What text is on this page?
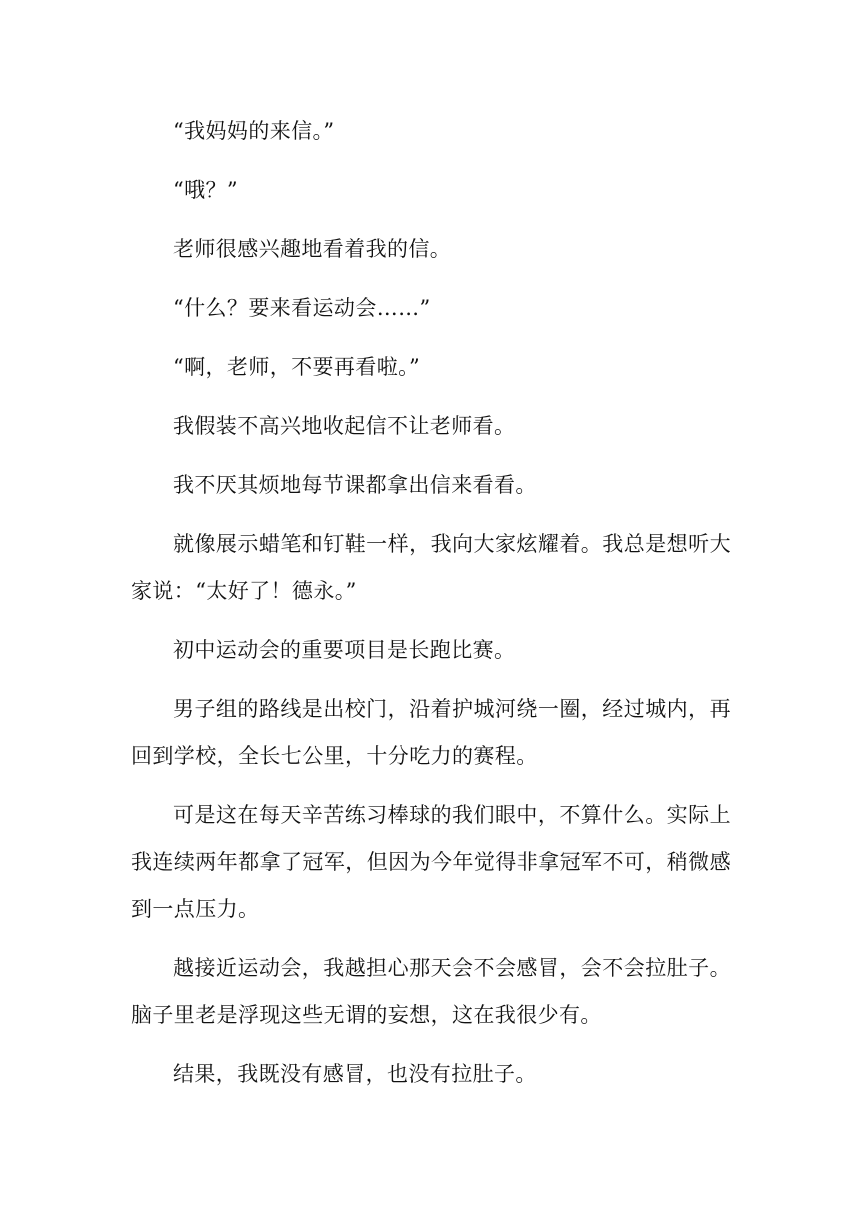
“我妈妈的来信。”

“哦？”

老师很感兴趣地看着我的信。

“什么？要来看运动会……”

“啊，老师，不要再看啦。”

我假装不高兴地收起信不让老师看。

我不厌其烦地每节课都拿出信来看看。

就像展示蜡笔和钉鞋一样，我向大家炫耀着。我总是想听大家说：“太好了！德永。”

初中运动会的重要项目是长跑比赛。

男子组的路线是出校门，沿着护城河绕一圈，经过城内，再回到学校，全长七公里，十分吃力的赛程。

可是这在每天辛苦练习棒球的我们眼中，不算什么。实际上我连续两年都拿了冠军，但因为今年觉得非拿冠军不可，稍微感到一点压力。

越接近运动会，我越担心那天会不会感冒，会不会拉肚子。脑子里老是浮现这些无谓的妄想，这在我很少有。

结果，我既没有感冒，也没有拉肚子。
